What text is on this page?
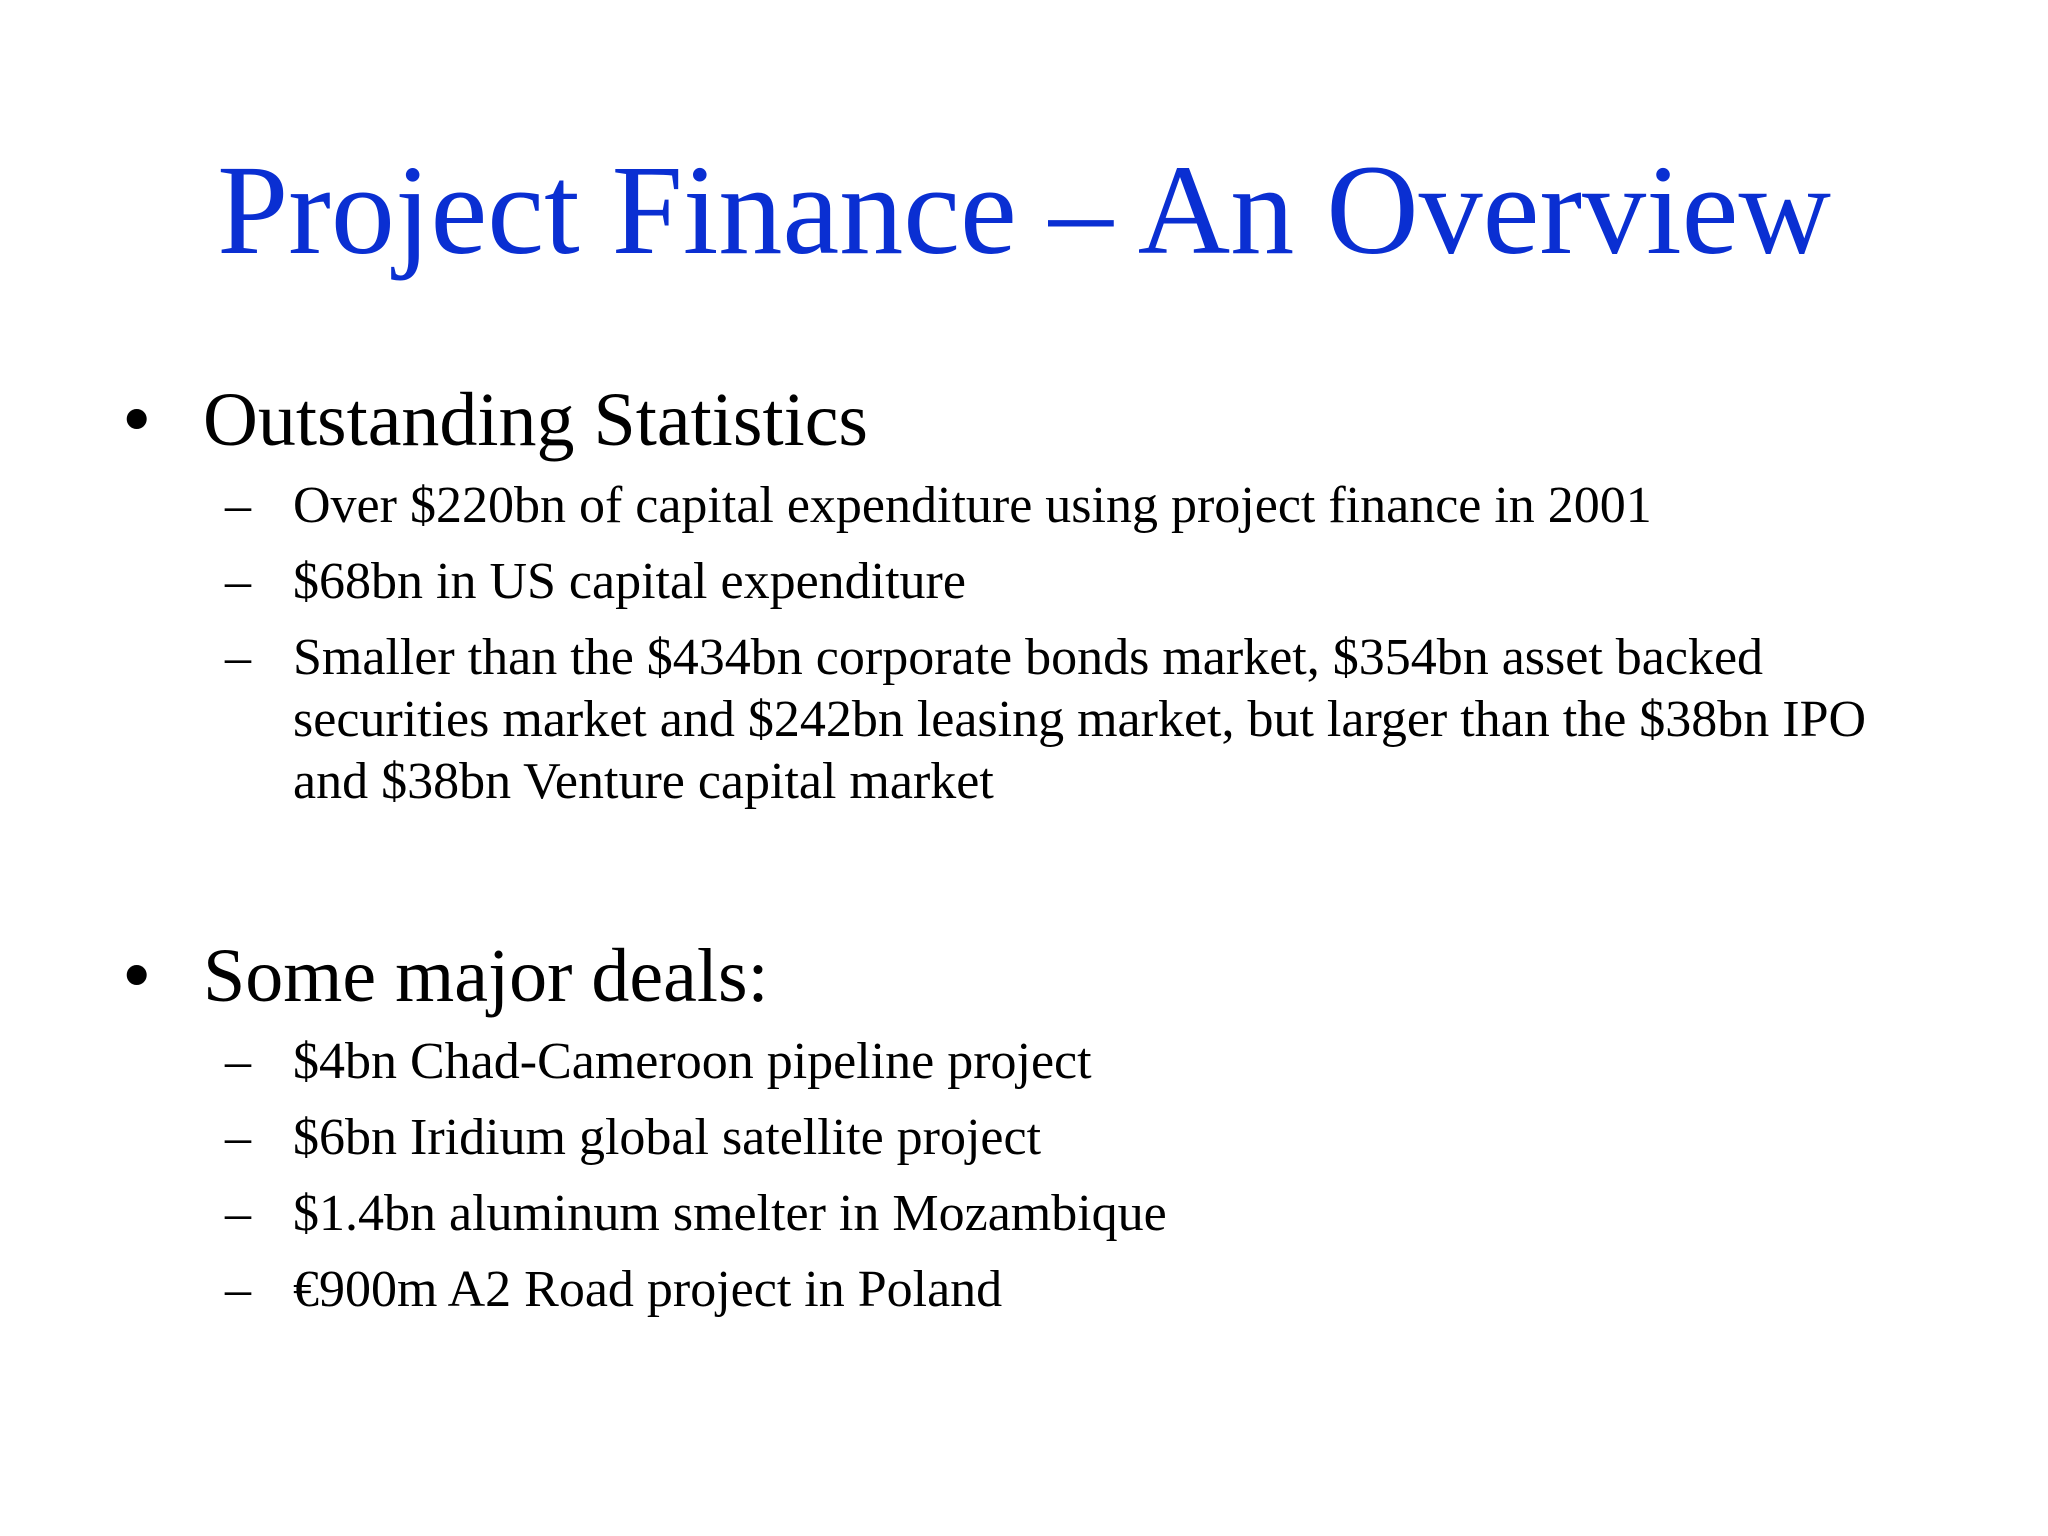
Project Finance – An Overview
• Outstanding Statistics
– Over $220bn of capital expenditure using project finance in 2001
– $68bn in US capital expenditure
– Smaller than the $434bn corporate bonds market, $354bn asset backed securities market and $242bn leasing market, but larger than the $38bn IPO and $38bn Venture capital market
• Some major deals:
– $4bn Chad-Cameroon pipeline project
– $6bn Iridium global satellite project
– $1.4bn aluminum smelter in Mozambique
– €900m A2 Road project in Poland
